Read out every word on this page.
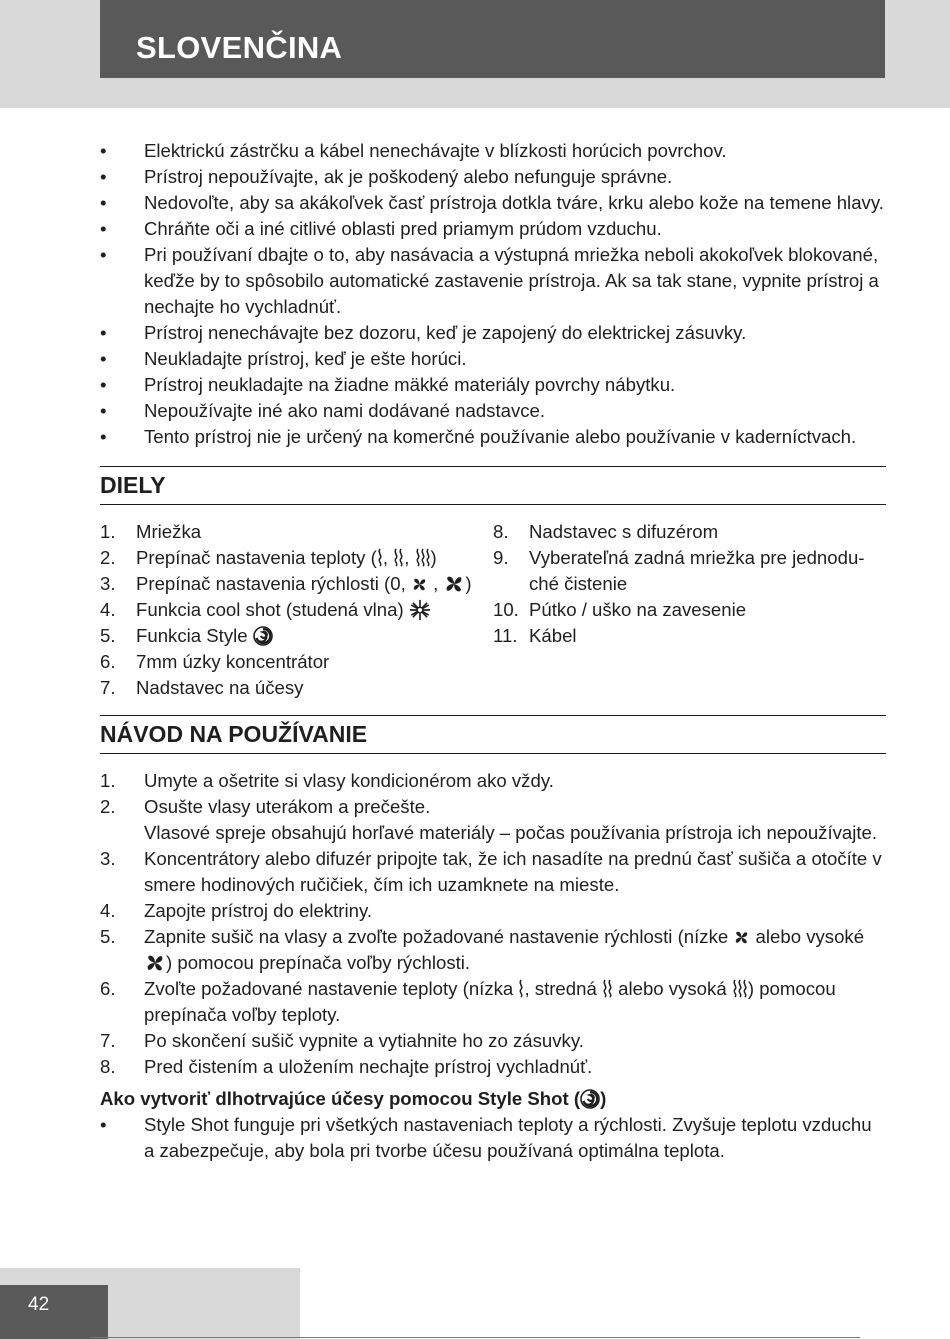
SLOVENČINA
• Elektrickú zástrčku a kábel nenechávajte v blízkosti horúcich povrchov.
• Prístroj nepoužívajte, ak je poškodený alebo nefunguje správne.
• Nedovoľte, aby sa akákoľvek časť prístroja dotkla tváre, krku alebo kože na temene hlavy.
• Chráňte oči a iné citlivé oblasti pred priamym prúdom vzduchu.
• Pri používaní dbajte o to, aby nasávacia a výstupná mriežka neboli akokoľvek blokované, keďže by to spôsobilo automatické zastavenie prístroja. Ak sa tak stane, vypnite prístroj a nechajte ho vychladnúť.
• Prístroj nenechávajte bez dozoru, keď je zapojený do elektrickej zásuvky.
• Neukladajte prístroj, keď je ešte horúci.
• Prístroj neukladajte na žiadne mäkké materiály povrchy nábytku.
• Nepoužívajte iné ako nami dodávané nadstavce.
• Tento prístroj nie je určený na komerčné používanie alebo používanie v kaderníctvach.
DIELY
1. Mriežka
2. Prepínač nastavenia teploty ( , , )
3. Prepínač nastavenia rýchlosti (0,  , )
4. Funkcia cool shot (studená vlna)
5. Funkcia Style
6. 7mm úzky koncentrátor
7. Nadstavec na účesy
8. Nadstavec s difuzérom
9. Vyberateľná zadná mriežka pre jednodu-ché čistenie
10. Pútko / uško na zavesenie
11. Kábel
NÁVOD NA POUŽÍVANIE
1. Umyte a ošetrite si vlasy kondicionérom ako vždy.
2. Osušte vlasy uterákom a prečešte.
Vlasové spreje obsahujú horľavé materiály – počas používania prístroja ich nepoužívajte.
3. Koncentrátory alebo difuzér pripojte tak, že ich nasadíte na prednú časť sušiča a otočíte v smere hodinových ručičiek, čím ich uzamknete na mieste.
4. Zapojte prístroj do elektriny.
5. Zapnite sušič na vlasy a zvoľte požadované nastavenie rýchlosti (nízke  alebo vysoké
) pomocou prepínača voľby rýchlosti.
6. Zvoľte požadované nastavenie teploty (nízka , stredná  alebo vysoká ) pomocou prepínača voľby teploty.
7. Po skončení sušič vypnite a vytiahnite ho zo zásuvky.
8. Pred čistením a uložením nechajte prístroj vychladnúť.
Ako vytvoriť dlhotrvajúce účesy pomocou Style Shot ( )
• Style Shot funguje pri všetkých nastaveniach teploty a rýchlosti. Zvyšuje teplotu vzduchu a zabezpečuje, aby bola pri tvorbe účesu používaná optimálna teplota.
42
